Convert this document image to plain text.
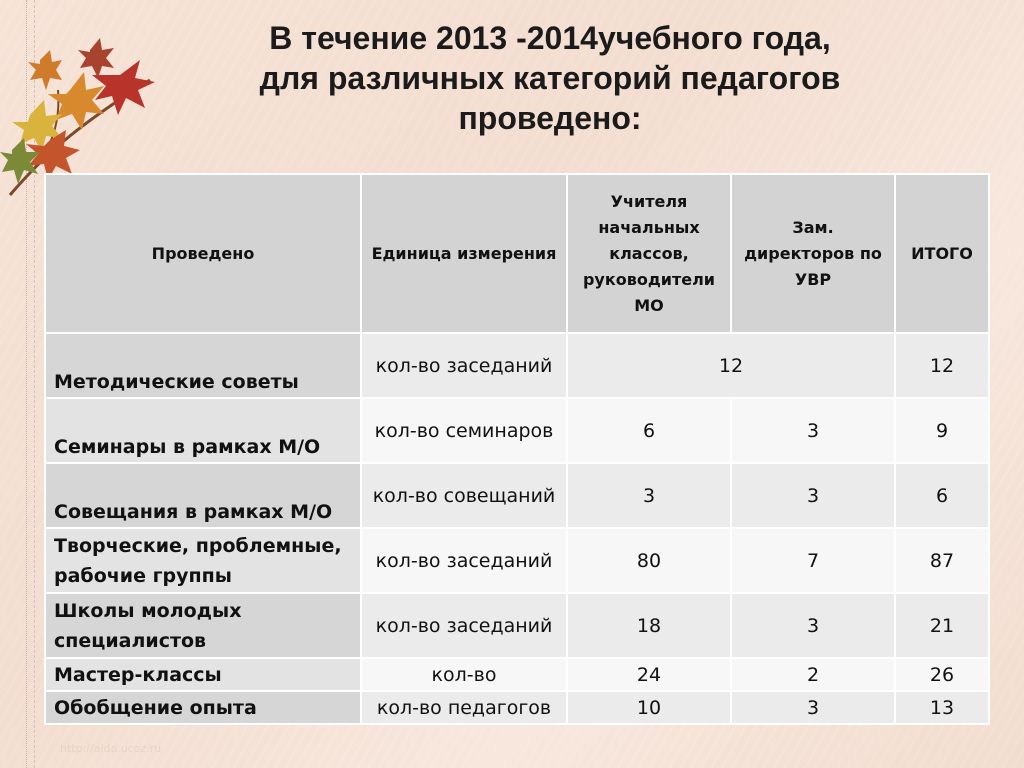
В течение 2013 -2014учебного года,
для различных категорий педагогов
проведено:
Проведено	Единица измерения	Учителя начальных классов, руководители МО	Зам. директоров по УВР	ИТОГО
Методические советы	кол-во заседаний	12		12
Семинары в рамках М/О	кол-во семинаров	6	3	9
Совещания в рамках М/О	кол-во совещаний	3	3	6
Творческие, проблемные, рабочие группы	кол-во заседаний	80	7	87
Школы молодых специалистов	кол-во заседаний	18	3	21
Мастер-классы	кол-во	24	2	26
Обобщение опыта	кол-во педагогов	10	3	13
http://aida.ucoz.ru
